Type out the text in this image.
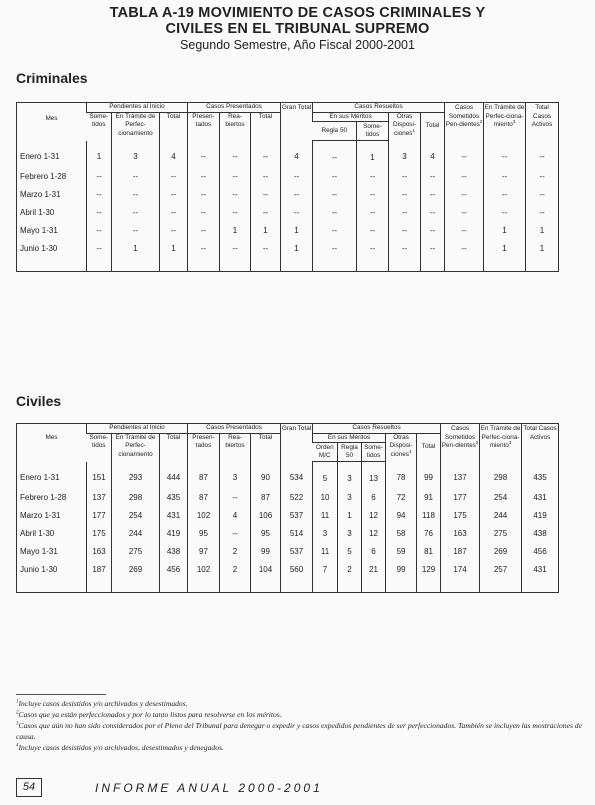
TABLA A-19 MOVIMIENTO DE CASOS CRIMINALES Y
CIVILES EN EL TRIBUNAL SUPREMO
Segundo Semestre, Año Fiscal 2000-2001
Criminales
Mes	Pendientes al Inicio			Casos Presentados			Gran Total	Casos Resueltos				Casos Sometidos Pen-dientes$^2$	En Trámite de Perfec-ciona-miento$^3$	Total Casos Activos
	Some-tidos	En Trámite de Perfec-cionamiento	Total	Presen-tados	Rea-biertos	Total		En sus Méritos		Otras Disposi-ciones$^1$	Total			
								Regla 50	Some-tidos					
Enero 1-31	1	3	4	--	--	--	4	--	1	3	4	--	--	--
Febrero 1-28	--	--	--	--	--	--	--	--	--	--	--	--	--	--
Marzo 1-31	--	--	--	--	--	--	--	--	--	--	--	--	--	--
Abril 1-30	--	--	--	--	--	--	--	--	--	--	--	--	--	--
Mayo 1-31	--	--	--	--	1	1	1	--	--	--	--	--	1	1
Junio 1-30	--	1	1	--	--	--	1	--	--	--	--	--	1	1

Civiles
Mes	Pendientes al Inicio			Casos Presentados			Gran Total	Casos Resueltos					Casos Sometidos Pen-dientes$^2$	En Trámite de Perfec-ciona-miento$^3$	Total Casos Activos
	Some-tidos	En Trámite de Perfec-cionamiento	Total	Presen-tados	Rea-biertos	Total		En sus Méritos			Otras Disposi-ciones$^4$	Total			
								Orden M/C	Regla 50	Some-tidos					
Enero 1-31	151	293	444	87	3	90	534	5	3	13	78	99	137	298	435
Febrero 1-28	137	298	435	87	--	87	522	10	3	6	72	91	177	254	431
Marzo 1-31	177	254	431	102	4	106	537	11	1	12	94	118	175	244	419
Abril 1-30	175	244	419	95	--	95	514	3	3	12	58	76	163	275	438
Mayo 1-31	163	275	438	97	2	99	537	11	5	6	59	81	187	269	456
Junio 1-30	187	269	456	102	2	104	560	7	2	21	99	129	174	257	431

$^1$Incluye casos desistidos y/o archivados y desestimados.
$^2$Casos que ya están perfeccionados y por lo tanto listos para resolverse en los méritos.
$^3$Casos que aún no han sido considerados por el Pleno del Tribunal para denegar o expedir y casos expedidos pendientes de ser perfeccionados. También se incluyen las mostraciones de causa.
$^4$Incluye casos desistidos y/o archivados, desestimados y denegados.
54	INFORME ANUAL 2000-2001
